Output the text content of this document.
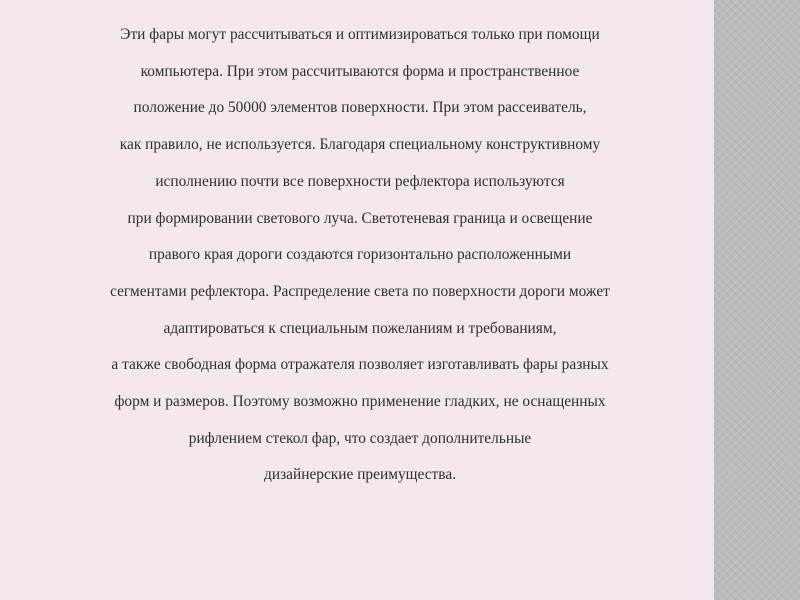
Эти фары могут рассчитываться и оптимизироваться только при помощи
компьютера. При этом рассчитываются форма и пространственное
положение до 50000 элементов поверхности. При этом рассеиватель,
как правило, не используется. Благодаря специальному конструктивному
исполнению почти все поверхности рефлектора используются
при формировании светового луча. Светотеневая граница и освещение
правого края дороги создаются горизонтально расположенными
сегментами рефлектора. Распределение света по поверхности дороги может
адаптироваться к специальным пожеланиям и требованиям,
а также свободная форма отражателя позволяет изготавливать фары разных
форм и размеров. Поэтому возможно применение гладких, не оснащенных
рифлением стекол фар, что создает дополнительные
дизайнерские преимущества.
